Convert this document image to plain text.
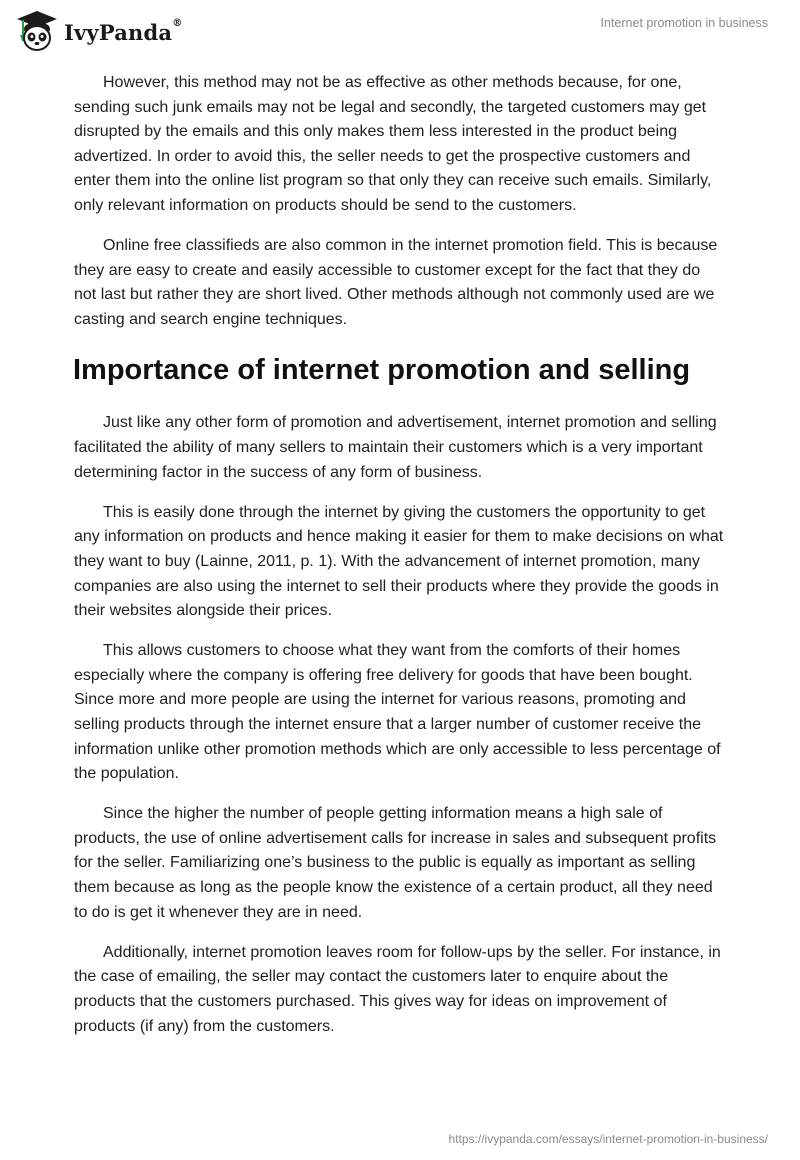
IvyPanda®	Internet promotion in business

However, this method may not be as effective as other methods because, for one, sending such junk emails may not be legal and secondly, the targeted customers may get disrupted by the emails and this only makes them less interested in the product being advertized. In order to avoid this, the seller needs to get the prospective customers and enter them into the online list program so that only they can receive such emails. Similarly, only relevant information on products should be send to the customers.

Online free classifieds are also common in the internet promotion field. This is because they are easy to create and easily accessible to customer except for the fact that they do not last but rather they are short lived. Other methods although not commonly used are we casting and search engine techniques.

Importance of internet promotion and selling

Just like any other form of promotion and advertisement, internet promotion and selling facilitated the ability of many sellers to maintain their customers which is a very important determining factor in the success of any form of business.

This is easily done through the internet by giving the customers the opportunity to get any information on products and hence making it easier for them to make decisions on what they want to buy (Lainne, 2011, p. 1). With the advancement of internet promotion, many companies are also using the internet to sell their products where they provide the goods in their websites alongside their prices.

This allows customers to choose what they want from the comforts of their homes especially where the company is offering free delivery for goods that have been bought. Since more and more people are using the internet for various reasons, promoting and selling products through the internet ensure that a larger number of customer receive the information unlike other promotion methods which are only accessible to less percentage of the population.

Since the higher the number of people getting information means a high sale of products, the use of online advertisement calls for increase in sales and subsequent profits for the seller. Familiarizing one’s business to the public is equally as important as selling them because as long as the people know the existence of a certain product, all they need to do is get it whenever they are in need.

Additionally, internet promotion leaves room for follow-ups by the seller. For instance, in the case of emailing, the seller may contact the customers later to enquire about the products that the customers purchased. This gives way for ideas on improvement of products (if any) from the customers.

https://ivypanda.com/essays/internet-promotion-in-business/
